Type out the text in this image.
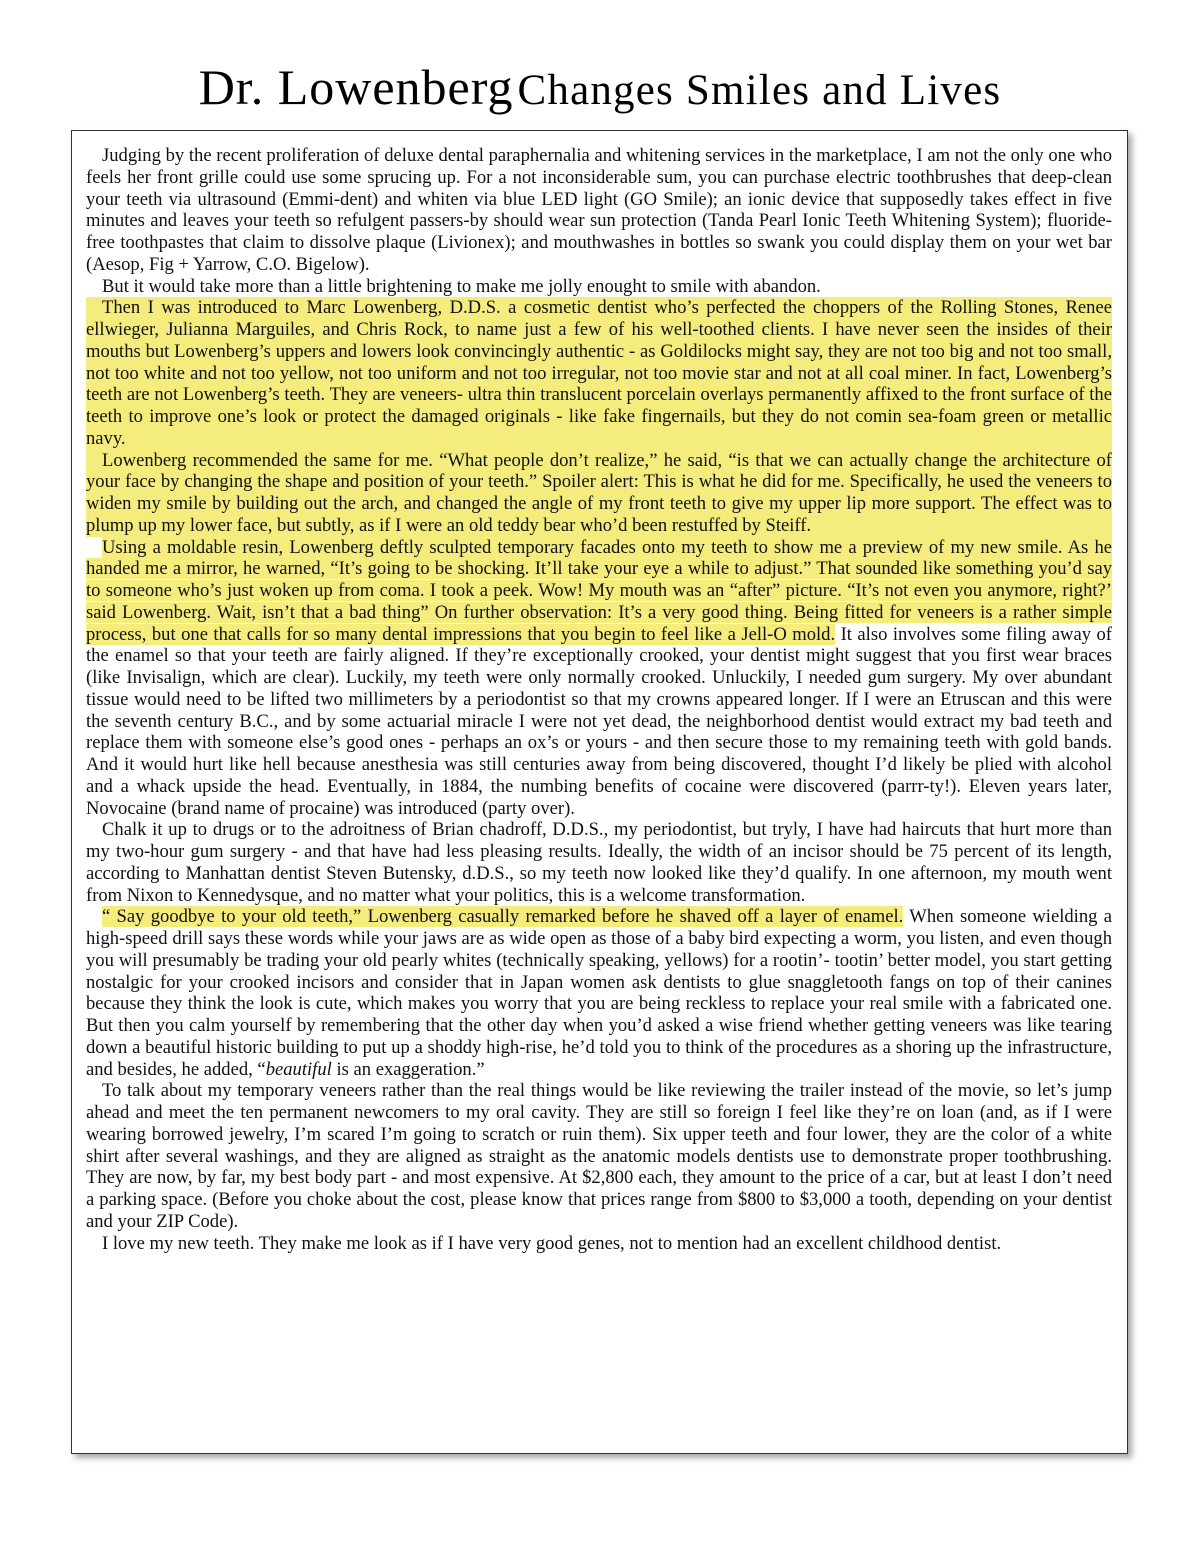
Dr. Lowenberg Changes Smiles and Lives

Judging by the recent proliferation of deluxe dental paraphernalia and whitening services in the marketplace, I am not the only one who feels her front grille could use some sprucing up. For a not inconsiderable sum, you can purchase electric toothbrushes that deep-clean your teeth via ultrasound (Emmi-dent) and whiten via blue LED light (GO Smile); an ionic device that supposedly takes effect in five minutes and leaves your teeth so refulgent passers-by should wear sun protection (Tanda Pearl Ionic Teeth Whitening System); fluoride-free toothpastes that claim to dissolve plaque (Livionex); and mouthwashes in bottles so swank you could display them on your wet bar (Aesop, Fig + Yarrow, C.O. Bigelow).

But it would take more than a little brightening to make me jolly enought to smile with abandon.

Then I was introduced to Marc Lowenberg, D.D.S. a cosmetic dentist who’s perfected the choppers of the Rolling Stones, Renee ellwieger, Julianna Marguiles, and Chris Rock, to name just a few of his well-toothed clients. I have never seen the insides of their mouths but Lowenberg’s uppers and lowers look convincingly authentic - as Goldilocks might say, they are not too big and not too small, not too white and not too yellow, not too uniform and not too irregular, not too movie star and not at all coal miner. In fact, Lowenberg’s teeth are not Lowenberg’s teeth. They are veneers- ultra thin translucent porcelain overlays permanently affixed to the front surface of the teeth to improve one’s look or protect the damaged originals - like fake fingernails, but they do not comin sea-foam green or metallic navy.

Lowenberg recommended the same for me. “What people don’t realize,” he said, “is that we can actually change the architecture of your face by changing the shape and position of your teeth.” Spoiler alert: This is what he did for me. Specifically, he used the veneers to widen my smile by building out the arch, and changed the angle of my front teeth to give my upper lip more support. The effect was to plump up my lower face, but subtly, as if I were an old teddy bear who’d been restuffed by Steiff.

Using a moldable resin, Lowenberg deftly sculpted temporary facades onto my teeth to show me a preview of my new smile. As he handed me a mirror, he warned, “It’s going to be shocking. It’ll take your eye a while to adjust.” That sounded like something you’d say to someone who’s just woken up from coma. I took a peek. Wow! My mouth was an “after” picture. “It’s not even you anymore, right?’ said Lowenberg. Wait, isn’t that a bad thing” On further observation: It’s a very good thing. Being fitted for veneers is a rather simple process, but one that calls for so many dental impressions that you begin to feel like a Jell-O mold. It also involves some filing away of the enamel so that your teeth are fairly aligned. If they’re exceptionally crooked, your dentist might suggest that you first wear braces (like Invisalign, which are clear). Luckily, my teeth were only normally crooked. Unluckily, I needed gum surgery. My over abundant tissue would need to be lifted two millimeters by a periodontist so that my crowns appeared longer. If I were an Etruscan and this were the seventh century B.C., and by some actuarial miracle I were not yet dead, the neighborhood dentist would extract my bad teeth and replace them with someone else’s good ones - perhaps an ox’s or yours - and then secure those to my remaining teeth with gold bands. And it would hurt like hell because anesthesia was still centuries away from being discovered, thought I’d likely be plied with alcohol and a whack upside the head. Eventually, in 1884, the numbing benefits of cocaine were discovered (parrr-ty!). Eleven years later, Novocaine (brand name of procaine) was introduced (party over).

Chalk it up to drugs or to the adroitness of Brian chadroff, D.D.S., my periodontist, but tryly, I have had haircuts that hurt more than my two-hour gum surgery - and that have had less pleasing results. Ideally, the width of an incisor should be 75 percent of its length, according to Manhattan dentist Steven Butensky, d.D.S., so my teeth now looked like they’d qualify. In one afternoon, my mouth went from Nixon to Kennedysque, and no matter what your politics, this is a welcome transformation.

“ Say goodbye to your old teeth,” Lowenberg casually remarked before he shaved off a layer of enamel. When someone wielding a high-speed drill says these words while your jaws are as wide open as those of a baby bird expecting a worm, you listen, and even though you will presumably be trading your old pearly whites (technically speaking, yellows) for a rootin’- tootin’ better model, you start getting nostalgic for your crooked incisors and consider that in Japan women ask dentists to glue snaggletooth fangs on top of their canines because they think the look is cute, which makes you worry that you are being reckless to replace your real smile with a fabricated one. But then you calm yourself by remembering that the other day when you’d asked a wise friend whether getting veneers was like tearing down a beautiful historic building to put up a shoddy high-rise, he’d told you to think of the procedures as a shoring up the infrastructure, and besides, he added, “beautiful is an exaggeration.”

To talk about my temporary veneers rather than the real things would be like reviewing the trailer instead of the movie, so let’s jump ahead and meet the ten permanent newcomers to my oral cavity. They are still so foreign I feel like they’re on loan (and, as if I were wearing borrowed jewelry, I’m scared I’m going to scratch or ruin them). Six upper teeth and four lower, they are the color of a white shirt after several washings, and they are aligned as straight as the anatomic models dentists use to demonstrate proper toothbrushing. They are now, by far, my best body part - and most expensive. At $2,800 each, they amount to the price of a car, but at least I don’t need a parking space. (Before you choke about the cost, please know that prices range from $800 to $3,000 a tooth, depending on your dentist and your ZIP Code).

I love my new teeth. They make me look as if I have very good genes, not to mention had an excellent childhood dentist.
